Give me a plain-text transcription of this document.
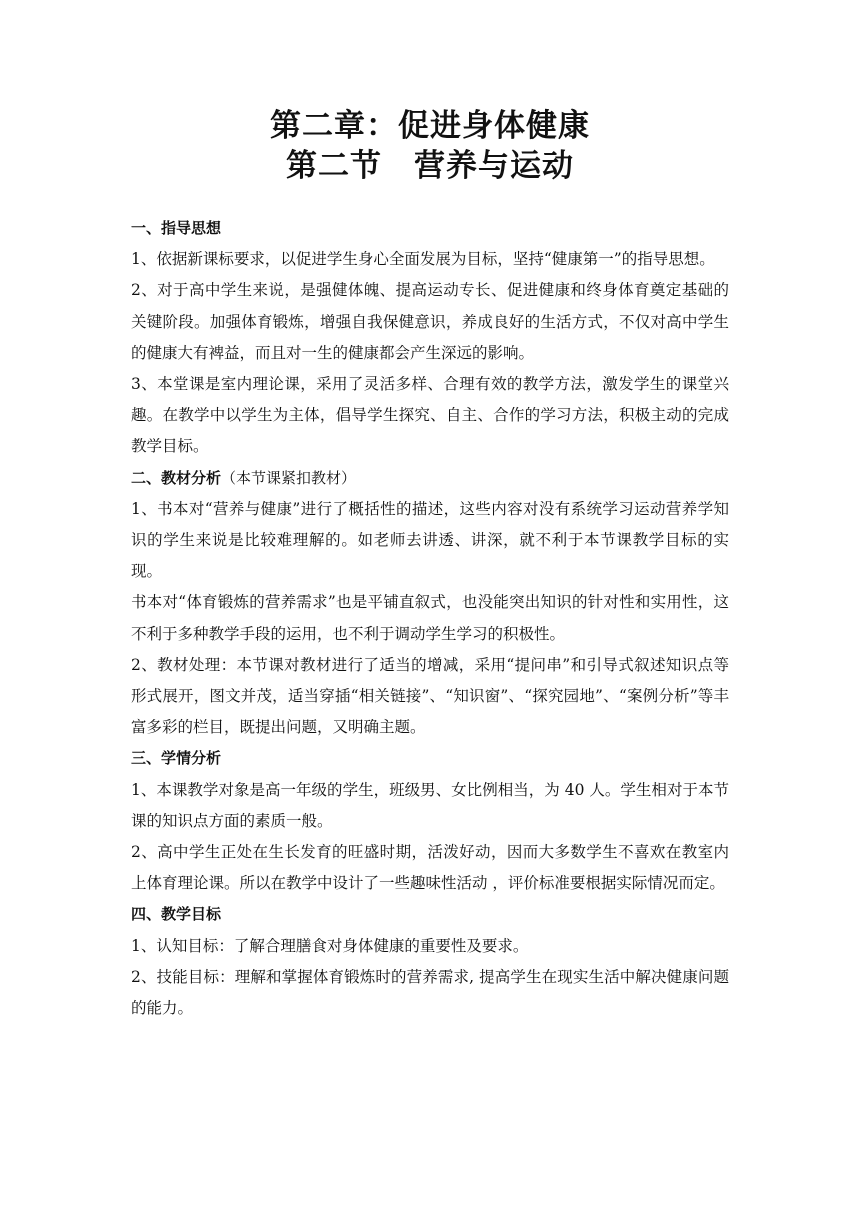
第二章：促进身体健康
第二节　营养与运动
一、指导思想

1、依据新课标要求，以促进学生身心全面发展为目标，坚持“健康第一”的指导思想。

2、对于高中学生来说，是强健体魄、提高运动专长、促进健康和终身体育奠定基础的关键阶段。加强体育锻炼，增强自我保健意识，养成良好的生活方式，不仅对高中学生的健康大有裨益，而且对一生的健康都会产生深远的影响。

3、本堂课是室内理论课，采用了灵活多样、合理有效的教学方法，激发学生的课堂兴趣。在教学中以学生为主体，倡导学生探究、自主、合作的学习方法，积极主动的完成教学目标。

二、教材分析（本节课紧扣教材）

1、书本对“营养与健康”进行了概括性的描述，这些内容对没有系统学习运动营养学知识的学生来说是比较难理解的。如老师去讲透、讲深，就不利于本节课教学目标的实现。

书本对“体育锻炼的营养需求”也是平铺直叙式，也没能突出知识的针对性和实用性，这不利于多种教学手段的运用，也不利于调动学生学习的积极性。

2、教材处理：本节课对教材进行了适当的增减，采用“提问串”和引导式叙述知识点等形式展开，图文并茂，适当穿插“相关链接”、“知识窗”、“探究园地”、“案例分析”等丰富多彩的栏目，既提出问题，又明确主题。

三、学情分析

1、本课教学对象是高一年级的学生，班级男、女比例相当，为 40 人。学生相对于本节课的知识点方面的素质一般。

2、高中学生正处在生长发育的旺盛时期，活泼好动，因而大多数学生不喜欢在教室内上体育理论课。所以在教学中设计了一些趣味性活动 ，评价标准要根据实际情况而定。

四、教学目标

1、认知目标：了解合理膳食对身体健康的重要性及要求。

2、技能目标：理解和掌握体育锻炼时的营养需求, 提高学生在现实生活中解决健康问题的能力。
